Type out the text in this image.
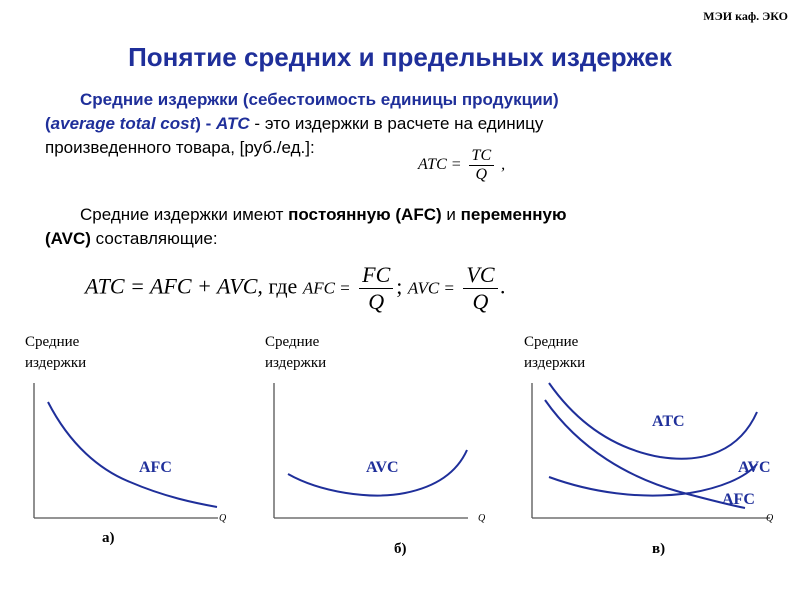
МЭИ каф. ЭКО
Понятие средних и предельных издержек
Средние издержки (себестоимость единицы продукции)
(average total cost) - ATC - это издержки в расчете на единицу
произведенного товара, [руб./ед.]:
ATC = $\frac{TC}{Q}$ ,
Средние издержки имеют постоянную (AFC) и переменную
(AVC) составляющие:
ATC = AFC + AVC, где AFC = $\frac{FC}{Q}$ ; AVC = $\frac{VC}{Q}$ .
Средние
издержки
AFC
Q
а)
Средние
издержки
AVC
Q
б)
Средние
издержки
ATC
AVC
AFC
Q
в)
